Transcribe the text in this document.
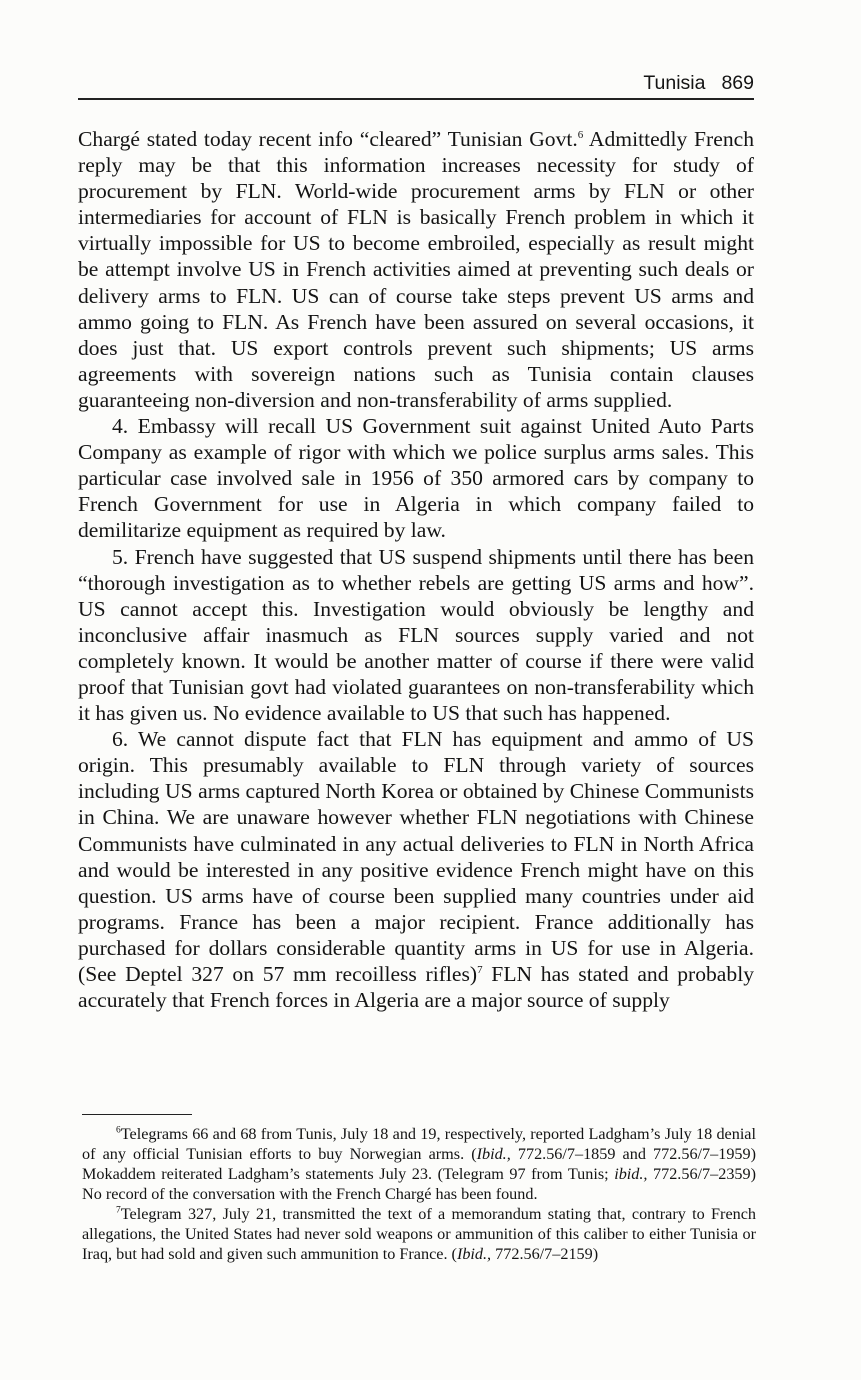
Tunisia 869

Chargé stated today recent info “cleared” Tunisian Govt.$^6$ Admittedly French reply may be that this information increases necessity for study of procurement by FLN. World-wide procurement arms by FLN or other intermediaries for account of FLN is basically French problem in which it virtually impossible for US to become embroiled, especially as result might be attempt involve US in French activities aimed at preventing such deals or delivery arms to FLN. US can of course take steps prevent US arms and ammo going to FLN. As French have been assured on several occasions, it does just that. US export controls prevent such shipments; US arms agreements with sovereign nations such as Tunisia contain clauses guaranteeing non-diversion and non-transferability of arms supplied.

4. Embassy will recall US Government suit against United Auto Parts Company as example of rigor with which we police surplus arms sales. This particular case involved sale in 1956 of 350 armored cars by company to French Government for use in Algeria in which company failed to demilitarize equipment as required by law.

5. French have suggested that US suspend shipments until there has been “thorough investigation as to whether rebels are getting US arms and how”. US cannot accept this. Investigation would obviously be lengthy and inconclusive affair inasmuch as FLN sources supply varied and not completely known. It would be another matter of course if there were valid proof that Tunisian govt had violated guarantees on non-transferability which it has given us. No evidence available to US that such has happened.

6. We cannot dispute fact that FLN has equipment and ammo of US origin. This presumably available to FLN through variety of sources including US arms captured North Korea or obtained by Chinese Communists in China. We are unaware however whether FLN negotiations with Chinese Communists have culminated in any actual deliveries to FLN in North Africa and would be interested in any positive evidence French might have on this question. US arms have of course been supplied many countries under aid programs. France has been a major recipient. France additionally has purchased for dollars considerable quantity arms in US for use in Algeria. (See Deptel 327 on 57 mm recoilless rifles)$^7$ FLN has stated and probably accurately that French forces in Algeria are a major source of supply

$^6$Telegrams 66 and 68 from Tunis, July 18 and 19, respectively, reported Ladgham’s July 18 denial of any official Tunisian efforts to buy Norwegian arms. (Ibid., 772.56/7–1859 and 772.56/7–1959) Mokaddem reiterated Ladgham’s statements July 23. (Telegram 97 from Tunis; ibid., 772.56/7–2359) No record of the conversation with the French Chargé has been found.

$^7$Telegram 327, July 21, transmitted the text of a memorandum stating that, contrary to French allegations, the United States had never sold weapons or ammunition of this caliber to either Tunisia or Iraq, but had sold and given such ammunition to France. (Ibid., 772.56/7–2159)
